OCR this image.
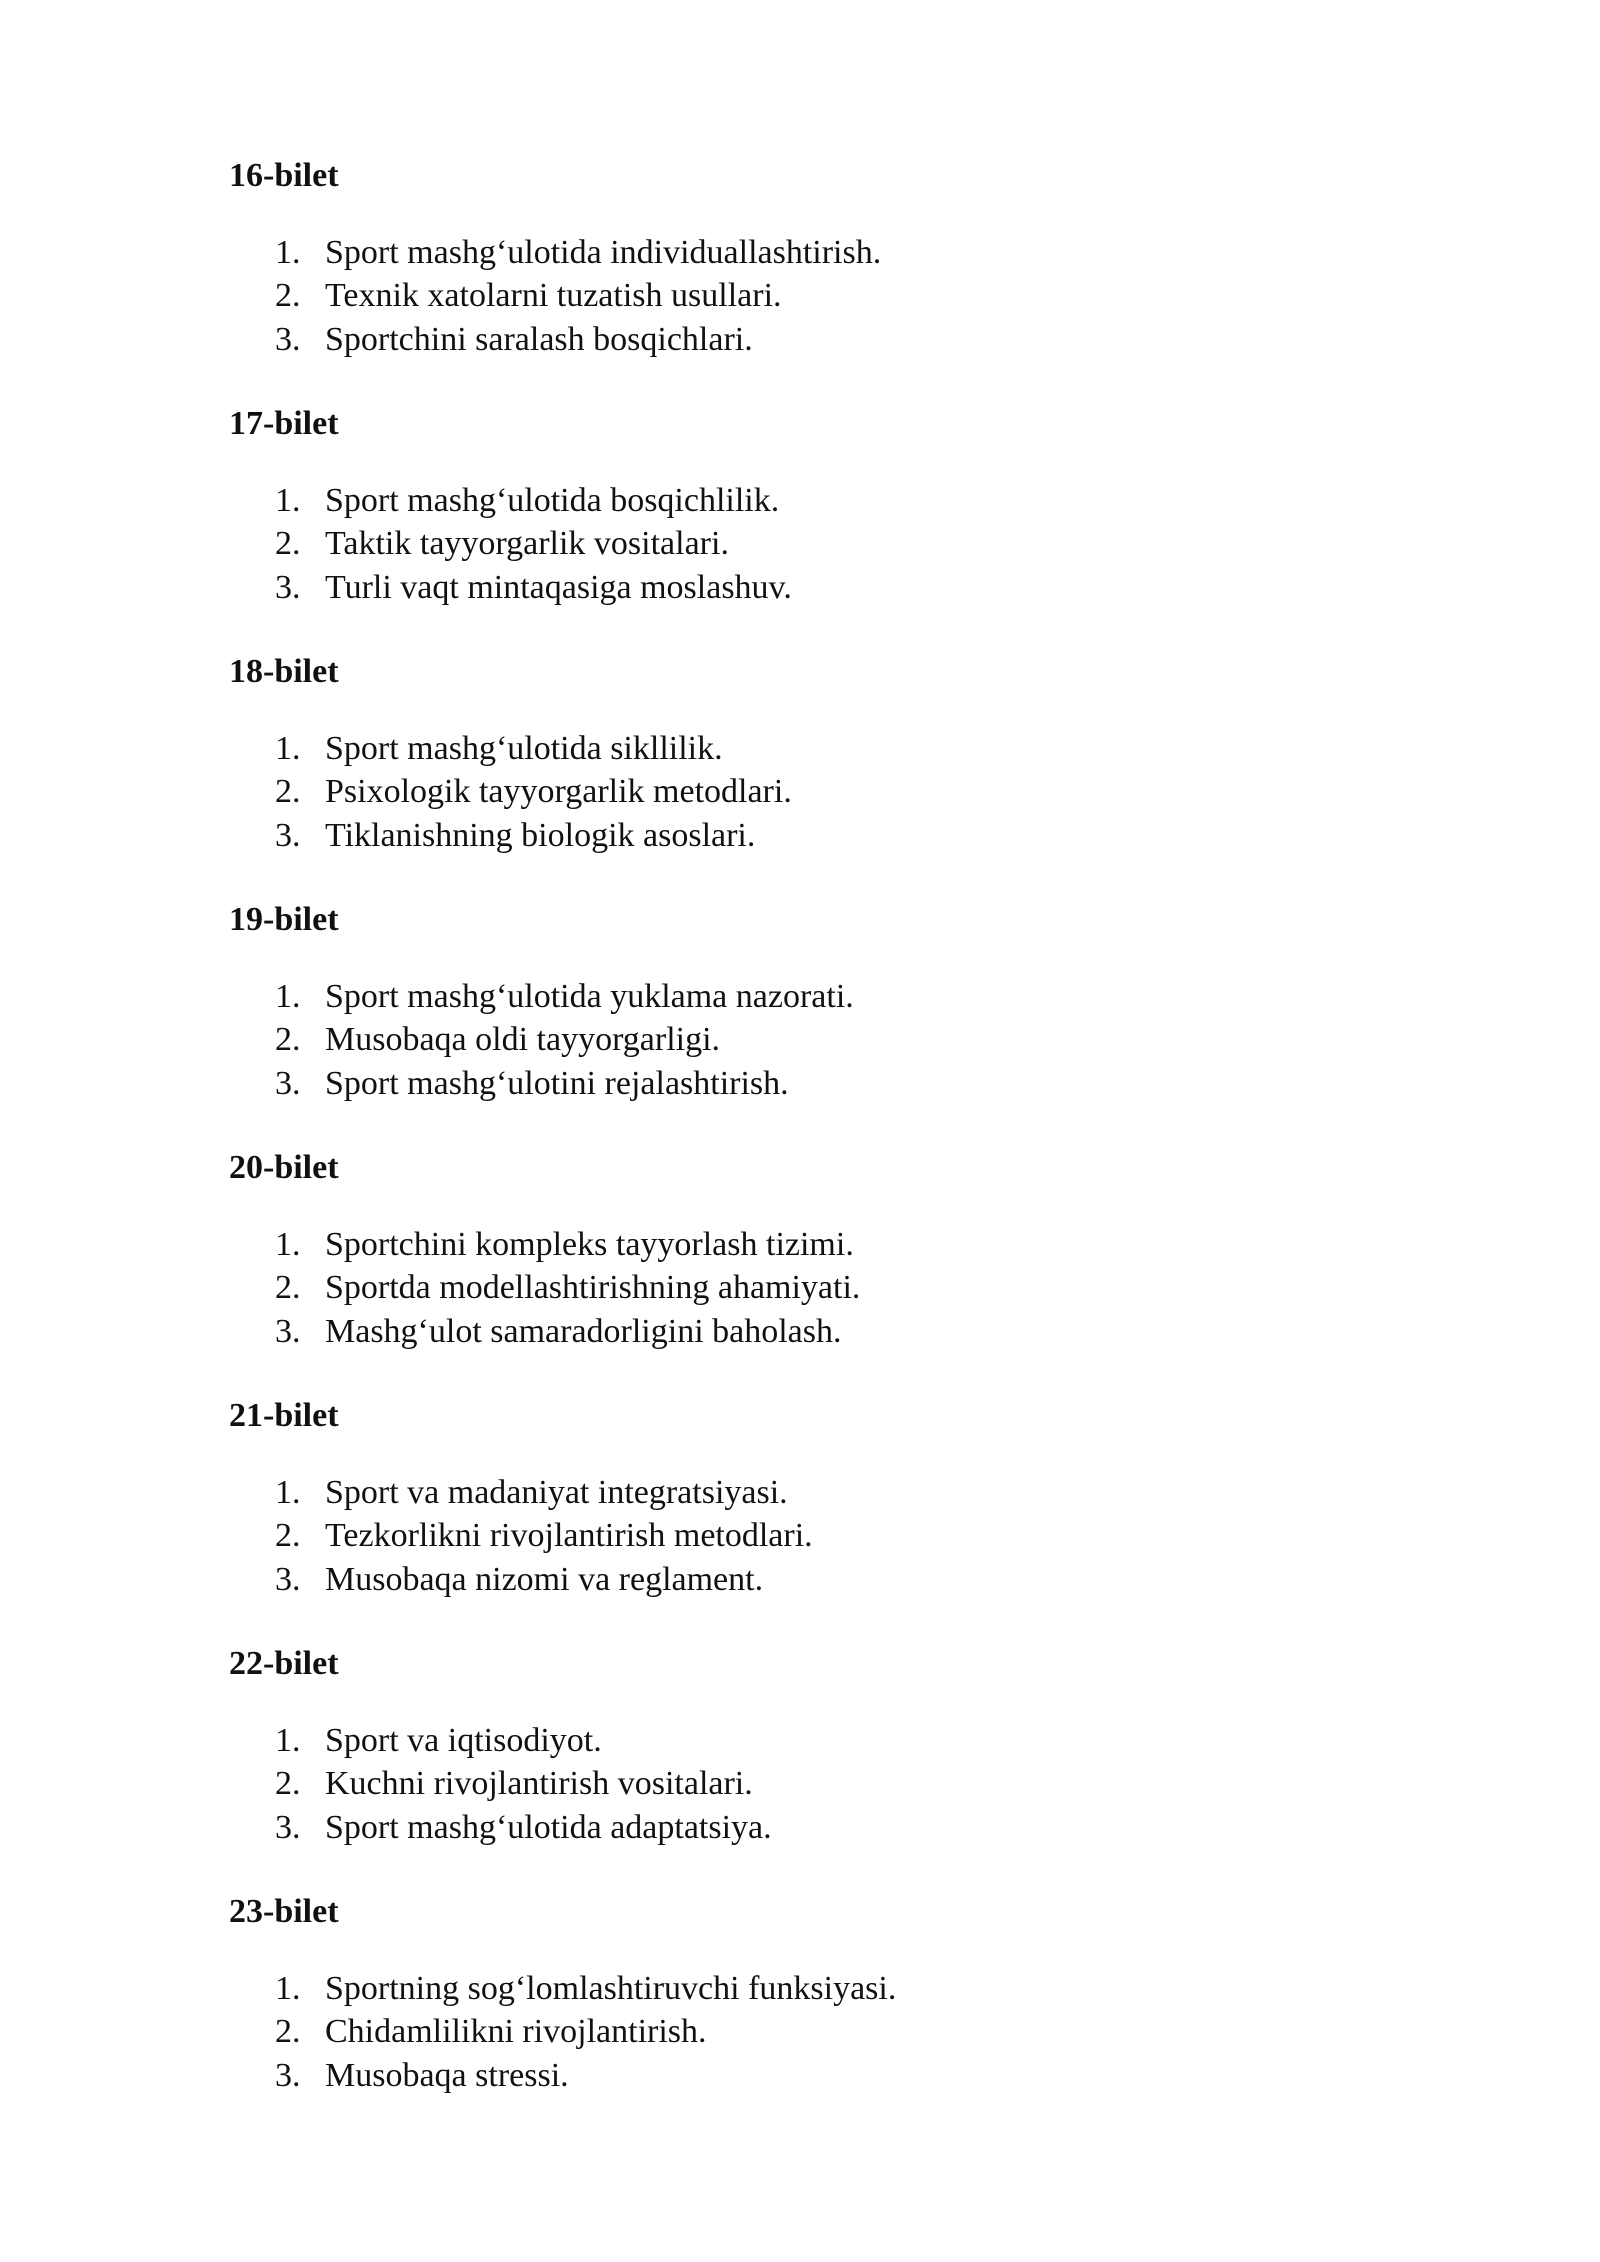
16-bilet
1. Sport mashg‘ulotida individuallashtirish.
2. Texnik xatolarni tuzatish usullari.
3. Sportchini saralash bosqichlari.
17-bilet
1. Sport mashg‘ulotida bosqichlilik.
2. Taktik tayyorgarlik vositalari.
3. Turli vaqt mintaqasiga moslashuv.
18-bilet
1. Sport mashg‘ulotida sikllilik.
2. Psixologik tayyorgarlik metodlari.
3. Tiklanishning biologik asoslari.
19-bilet
1. Sport mashg‘ulotida yuklama nazorati.
2. Musobaqa oldi tayyorgarligi.
3. Sport mashg‘ulotini rejalashtirish.
20-bilet
1. Sportchini kompleks tayyorlash tizimi.
2. Sportda modellashtirishning ahamiyati.
3. Mashg‘ulot samaradorligini baholash.
21-bilet
1. Sport va madaniyat integratsiyasi.
2. Tezkorlikni rivojlantirish metodlari.
3. Musobaqa nizomi va reglament.
22-bilet
1. Sport va iqtisodiyot.
2. Kuchni rivojlantirish vositalari.
3. Sport mashg‘ulotida adaptatsiya.
23-bilet
1. Sportning sog‘lomlashtiruvchi funksiyasi.
2. Chidamlilikni rivojlantirish.
3. Musobaqa stressi.
